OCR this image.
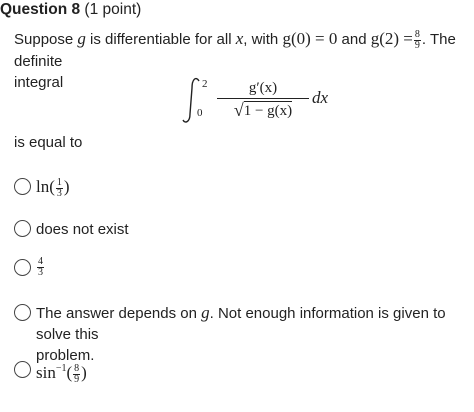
Question 8 (1 point)
Suppose g is differentiable for all x, with g(0) = 0 and $g(2) = \frac{8}{9}$ . The definite
integral	2
0
g′(x)
√1 − g(x)
dx
is equal to
$\ln( \frac{1}{3}$ )
does not exist
$\frac{4}{3}$
The answer depends on g. Not enough information is given to solve this
problem.
$\sin^{-1}( \frac{8}{9}$ )
